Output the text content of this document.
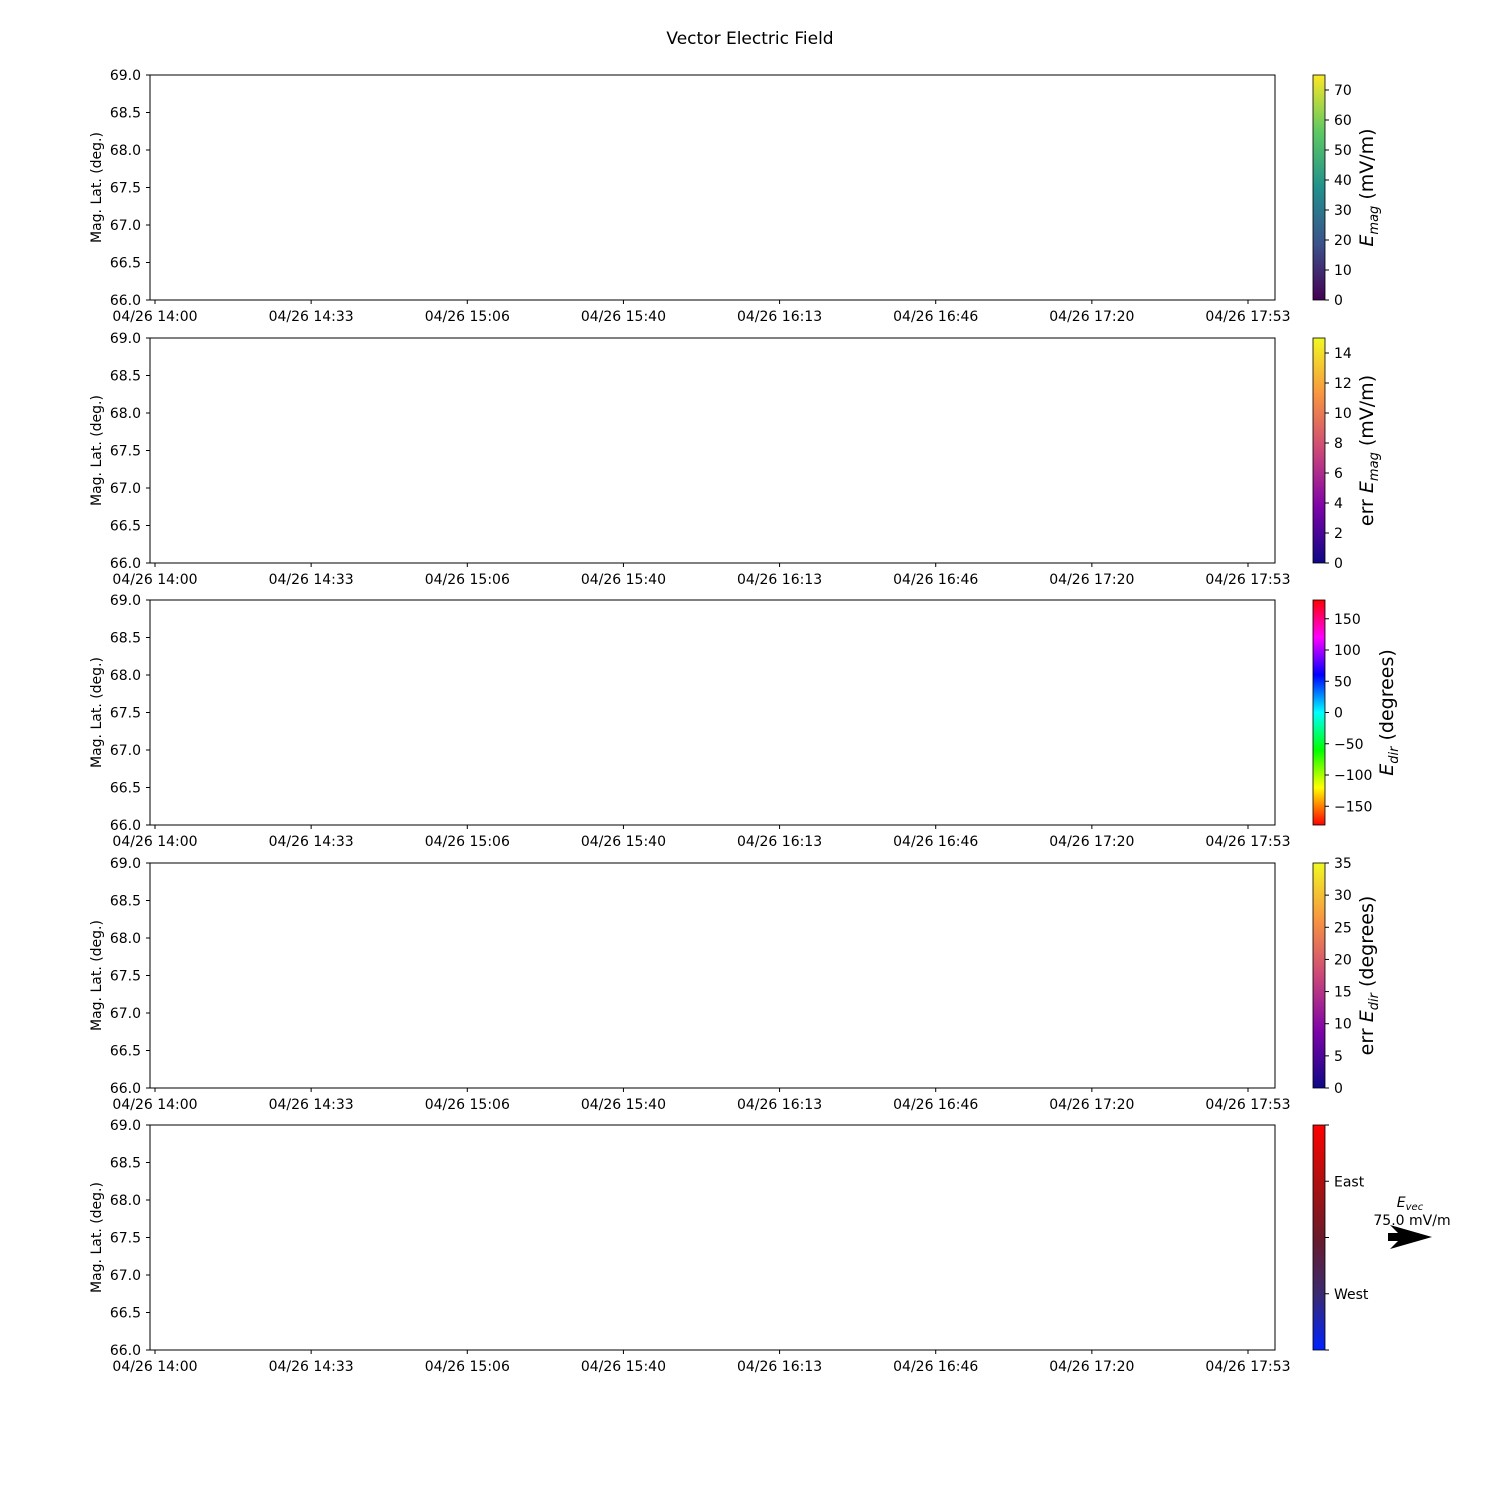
Vector Electric Field
69.0
68.5
68.0
67.5
67.0
66.5
66.0
Mag. Lat. (deg.)
04/26 14:00	04/26 14:33	04/26 15:06	04/26 15:40	04/26 16:13	04/26 16:46	04/26 17:20	04/26 17:53
70
60
50
40
30
20
10
0
$E_{mag}$ (mV/m)
69.0
68.5
68.0
67.5
67.0
66.5
66.0
Mag. Lat. (deg.)
04/26 14:00	04/26 14:33	04/26 15:06	04/26 15:40	04/26 16:13	04/26 16:46	04/26 17:20	04/26 17:53
14
12
10
8
6
4
2
0
err $E_{mag}$ (mV/m)
69.0
68.5
68.0
67.5
67.0
66.5
66.0
Mag. Lat. (deg.)
04/26 14:00	04/26 14:33	04/26 15:06	04/26 15:40	04/26 16:13	04/26 16:46	04/26 17:20	04/26 17:53
150
100
50
0
−50
−100
−150
$E_{dir}$ (degrees)
69.0
68.5
68.0
67.5
67.0
66.5
66.0
Mag. Lat. (deg.)
04/26 14:00	04/26 14:33	04/26 15:06	04/26 15:40	04/26 16:13	04/26 16:46	04/26 17:20	04/26 17:53
35
30
25
20
15
10
5
0
err $E_{dir}$ (degrees)
69.0
68.5
68.0
67.5
67.0
66.5
66.0
Mag. Lat. (deg.)
04/26 14:00	04/26 14:33	04/26 15:06	04/26 15:40	04/26 16:13	04/26 16:46	04/26 17:20	04/26 17:53
East
West
$E_{vec}$
75.0 mV/m
